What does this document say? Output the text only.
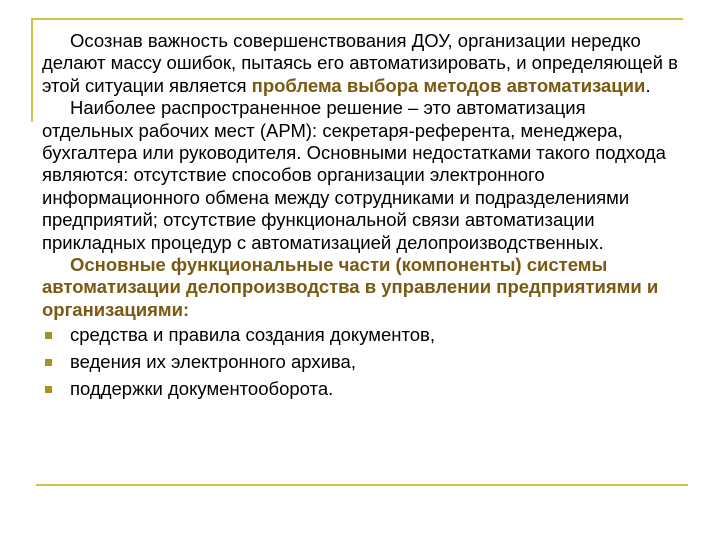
Осознав важность совершенствования ДОУ, организации нередко делают массу ошибок, пытаясь его автоматизировать, и определяющей в этой ситуации является проблема выбора методов автоматизации.

Наиболее распространенное решение – это автоматизация отдельных рабочих мест (АРМ): секретаря-референта, менеджера, бухгалтера или руководителя. Основными недостатками такого подхода являются: отсутствие способов организации электронного информационного обмена между сотрудниками и подразделениями предприятий; отсутствие функциональной связи автоматизации прикладных процедур с автоматизацией делопроизводственных.

Основные функциональные части (компоненты) системы автоматизации делопроизводства в управлении предприятиями и организациями:

средства и правила создания документов,
ведения их электронного архива,
поддержки документооборота.
